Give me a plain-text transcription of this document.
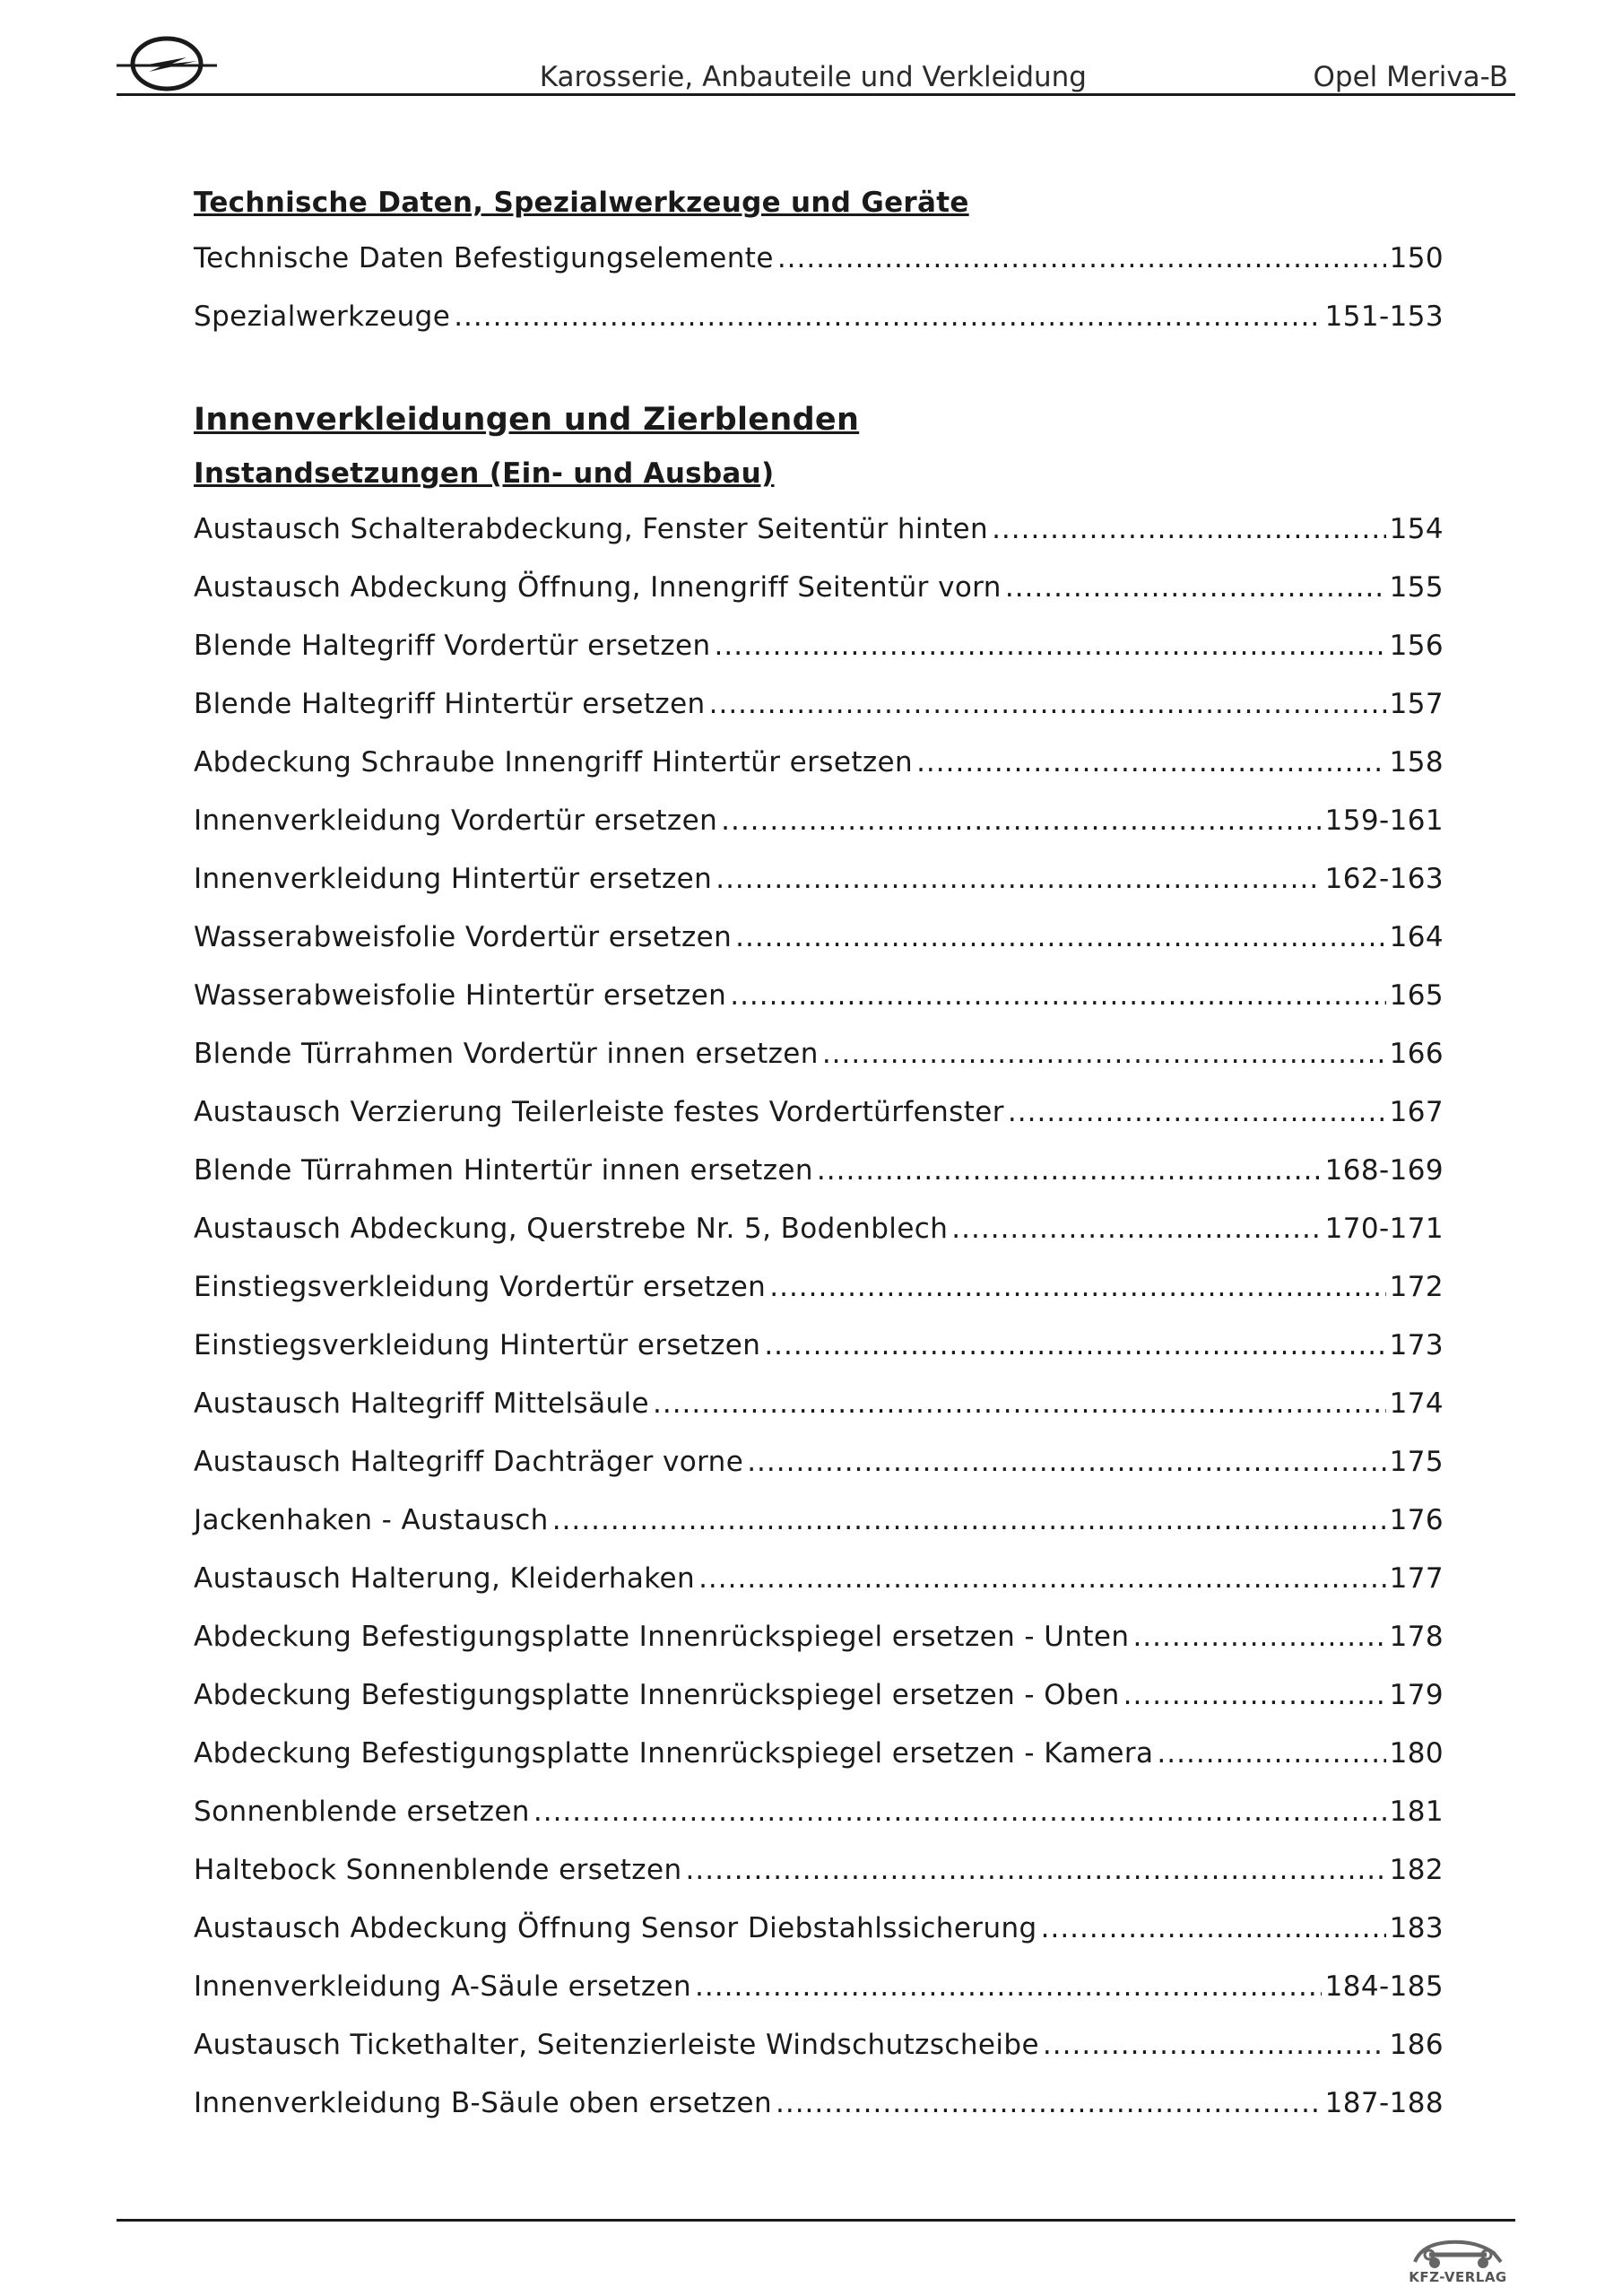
Karosserie, Anbauteile und Verkleidung	Opel Meriva-B
Technische Daten, Spezialwerkzeuge und Geräte
Technische Daten Befestigungselemente .....	150
Spezialwerkzeuge .....	151-153
Innenverkleidungen und Zierblenden
Instandsetzungen (Ein- und Ausbau)
Austausch Schalterabdeckung, Fenster Seitentür hinten .....	154
Austausch Abdeckung Öffnung, Innengriff Seitentür vorn .....	155
Blende Haltegriff Vordertür ersetzen .....	156
Blende Haltegriff Hintertür ersetzen .....	157
Abdeckung Schraube Innengriff Hintertür ersetzen .....	158
Innenverkleidung Vordertür ersetzen .....	159-161
Innenverkleidung Hintertür ersetzen .....	162-163
Wasserabweisfolie Vordertür ersetzen .....	164
Wasserabweisfolie Hintertür ersetzen .....	165
Blende Türrahmen Vordertür innen ersetzen .....	166
Austausch Verzierung Teilerleiste festes Vordertürfenster .....	167
Blende Türrahmen Hintertür innen ersetzen .....	168-169
Austausch Abdeckung, Querstrebe Nr. 5, Bodenblech .....	170-171
Einstiegsverkleidung Vordertür ersetzen .....	172
Einstiegsverkleidung Hintertür ersetzen .....	173
Austausch Haltegriff Mittelsäule .....	174
Austausch Haltegriff Dachträger vorne .....	175
Jackenhaken - Austausch .....	176
Austausch Halterung, Kleiderhaken .....	177
Abdeckung Befestigungsplatte Innenrückspiegel ersetzen - Unten .....	178
Abdeckung Befestigungsplatte Innenrückspiegel ersetzen - Oben .....	179
Abdeckung Befestigungsplatte Innenrückspiegel ersetzen - Kamera .....	180
Sonnenblende ersetzen .....	181
Haltebock Sonnenblende ersetzen .....	182
Austausch Abdeckung Öffnung Sensor Diebstahlssicherung .....	183
Innenverkleidung A-Säule ersetzen .....	184-185
Austausch Tickethalter, Seitenzierleiste Windschutzscheibe .....	186
Innenverkleidung B-Säule oben ersetzen .....	187-188
KFZ-VERLAG
